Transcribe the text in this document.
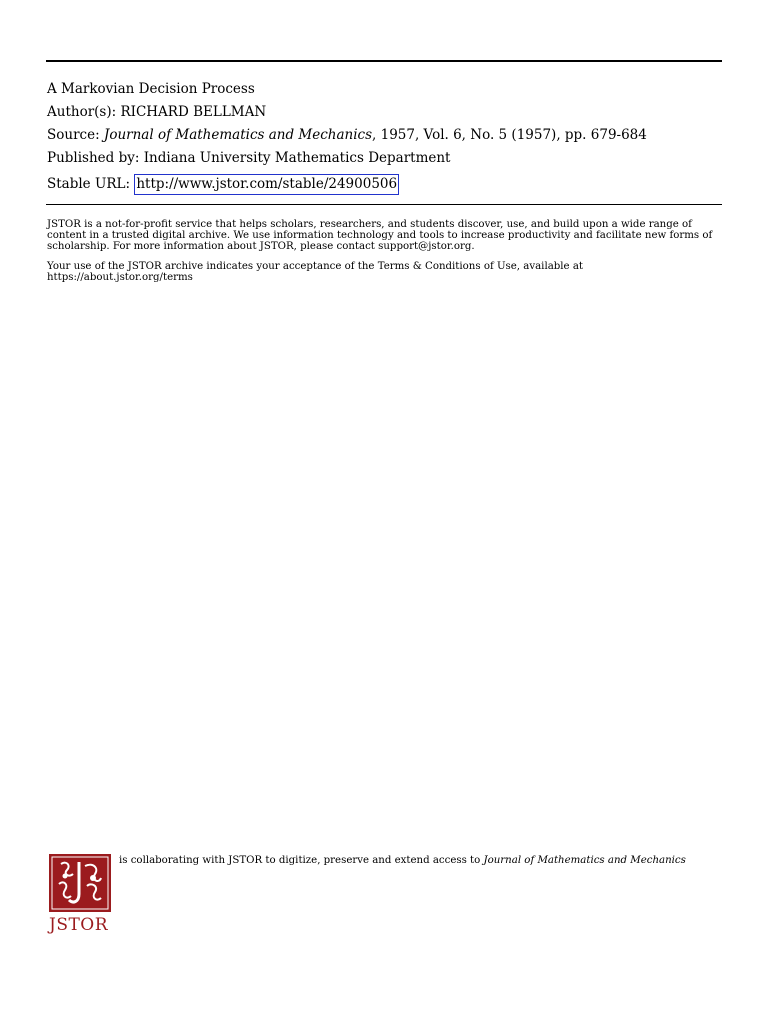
A Markovian Decision Process
Author(s): RICHARD BELLMAN
Source: Journal of Mathematics and Mechanics, 1957, Vol. 6, No. 5 (1957), pp. 679-684
Published by: Indiana University Mathematics Department
Stable URL: http://www.jstor.com/stable/24900506

JSTOR is a not-for-profit service that helps scholars, researchers, and students discover, use, and build upon a wide range of content in a trusted digital archive. We use information technology and tools to increase productivity and facilitate new forms of scholarship. For more information about JSTOR, please contact support@jstor.org.

Your use of the JSTOR archive indicates your acceptance of the Terms & Conditions of Use, available at https://about.jstor.org/terms

JSTOR
is collaborating with JSTOR to digitize, preserve and extend access to Journal of Mathematics and Mechanics
